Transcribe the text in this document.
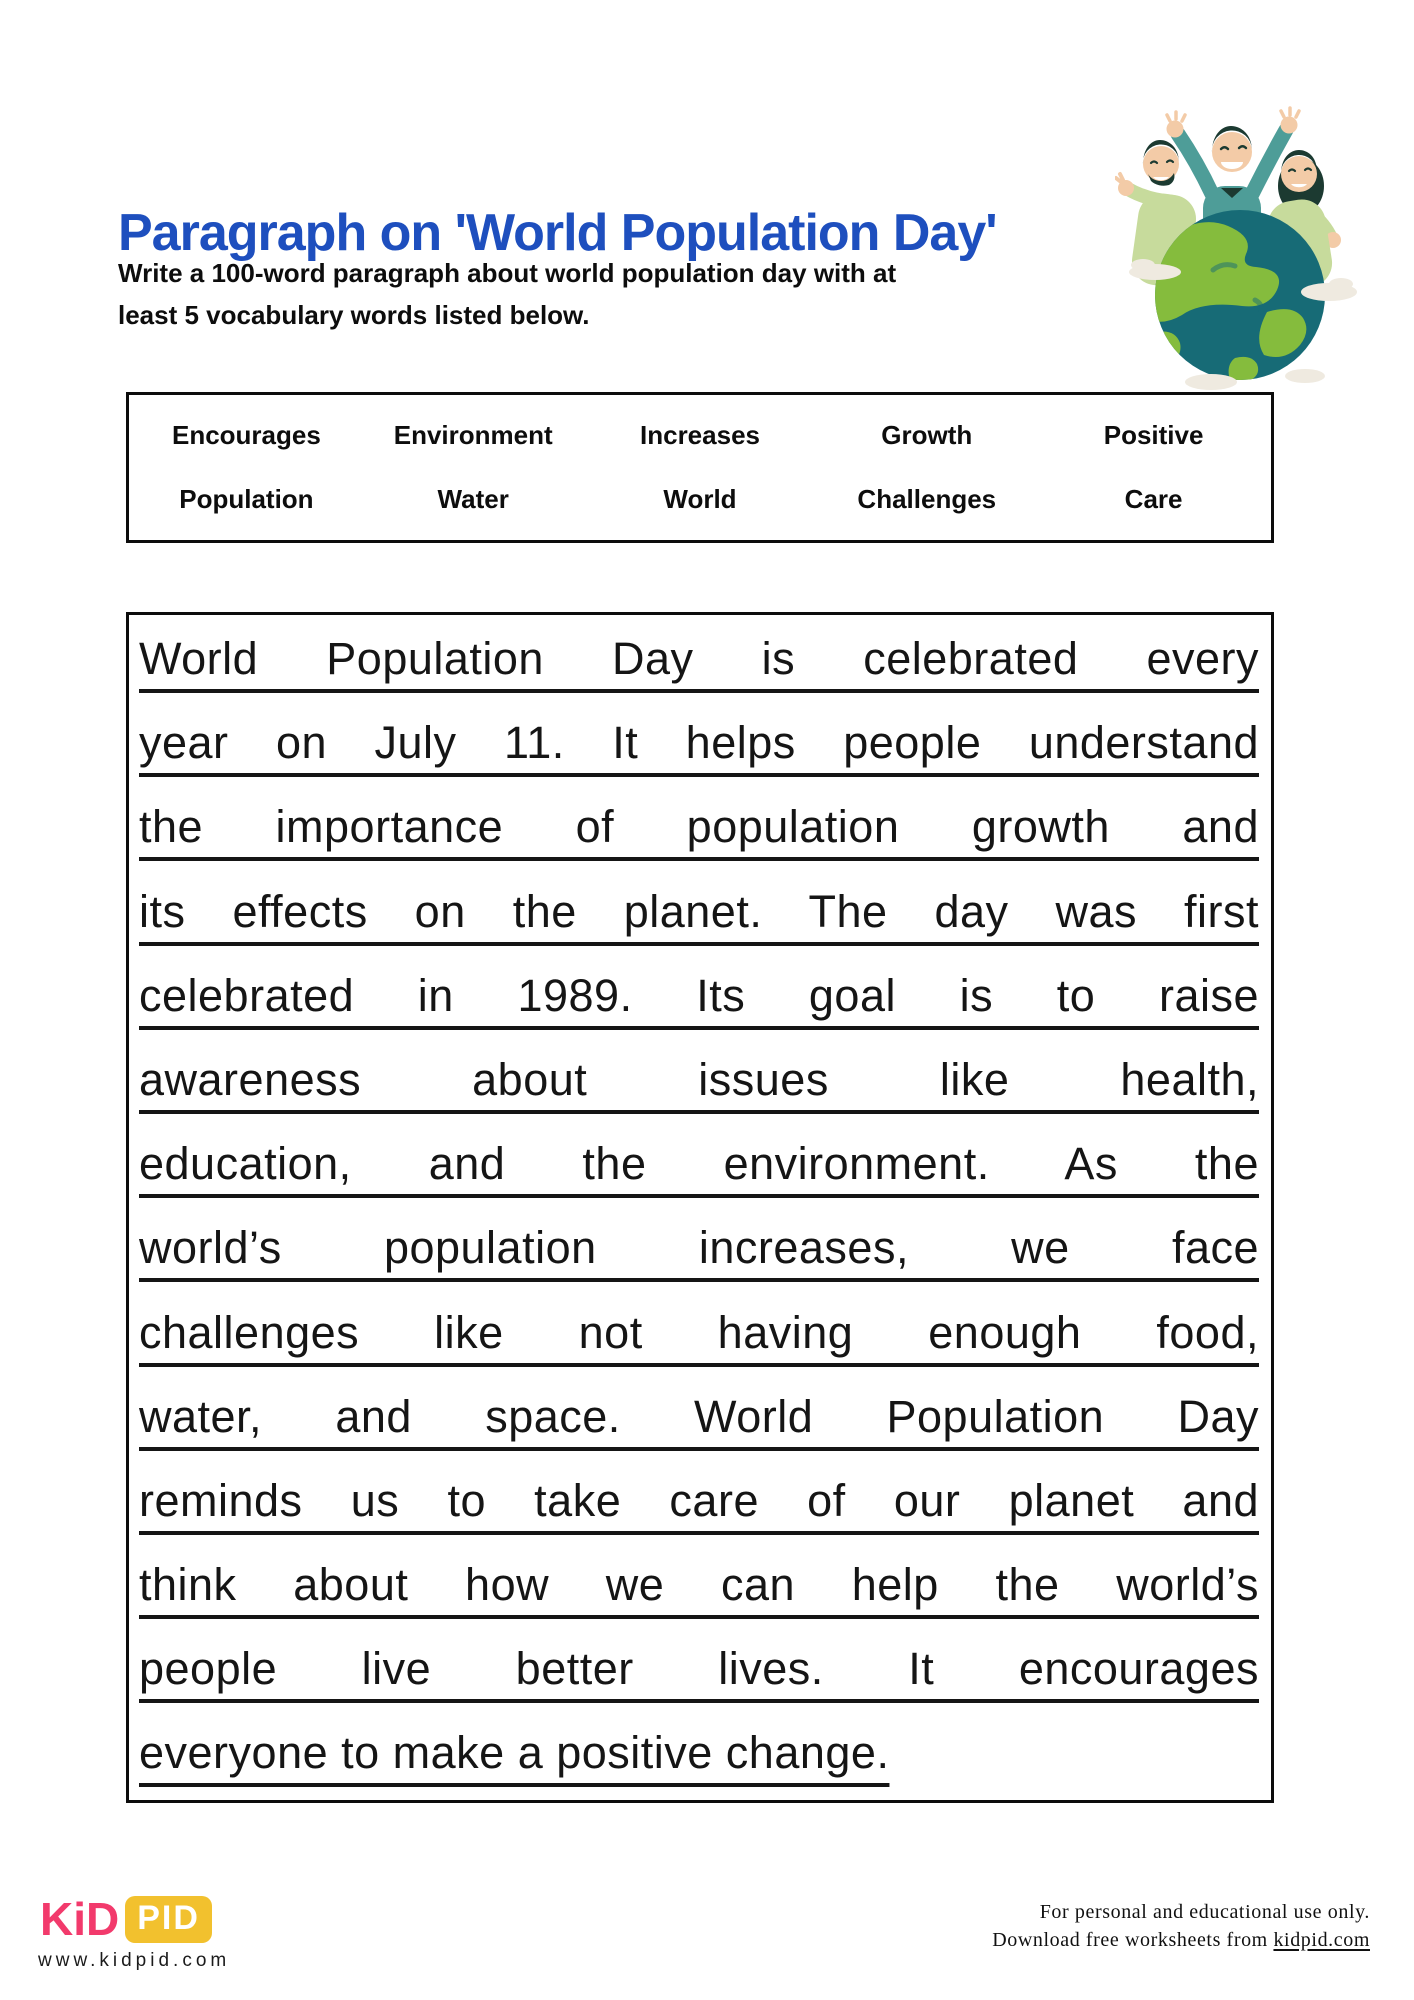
Paragraph on 'World Population Day'
Write a 100-word paragraph about world population day with at
least 5 vocabulary words listed below.
Encourages	Environment	Increases	Growth	Positive
Population	Water	World	Challenges	Care
World Population Day is celebrated every
year on July 11. It helps people understand
the importance of population growth and
its effects on the planet. The day was first
celebrated in 1989. Its goal is to raise
awareness about issues like health,
education, and the environment. As the
world’s population increases, we face
challenges like not having enough food,
water, and space. World Population Day
reminds us to take care of our planet and
think about how we can help the world’s
people live better lives. It encourages
everyone to make a positive change.
KiD PID
www.kidpid.com
For personal and educational use only.
Download free worksheets from kidpid.com
